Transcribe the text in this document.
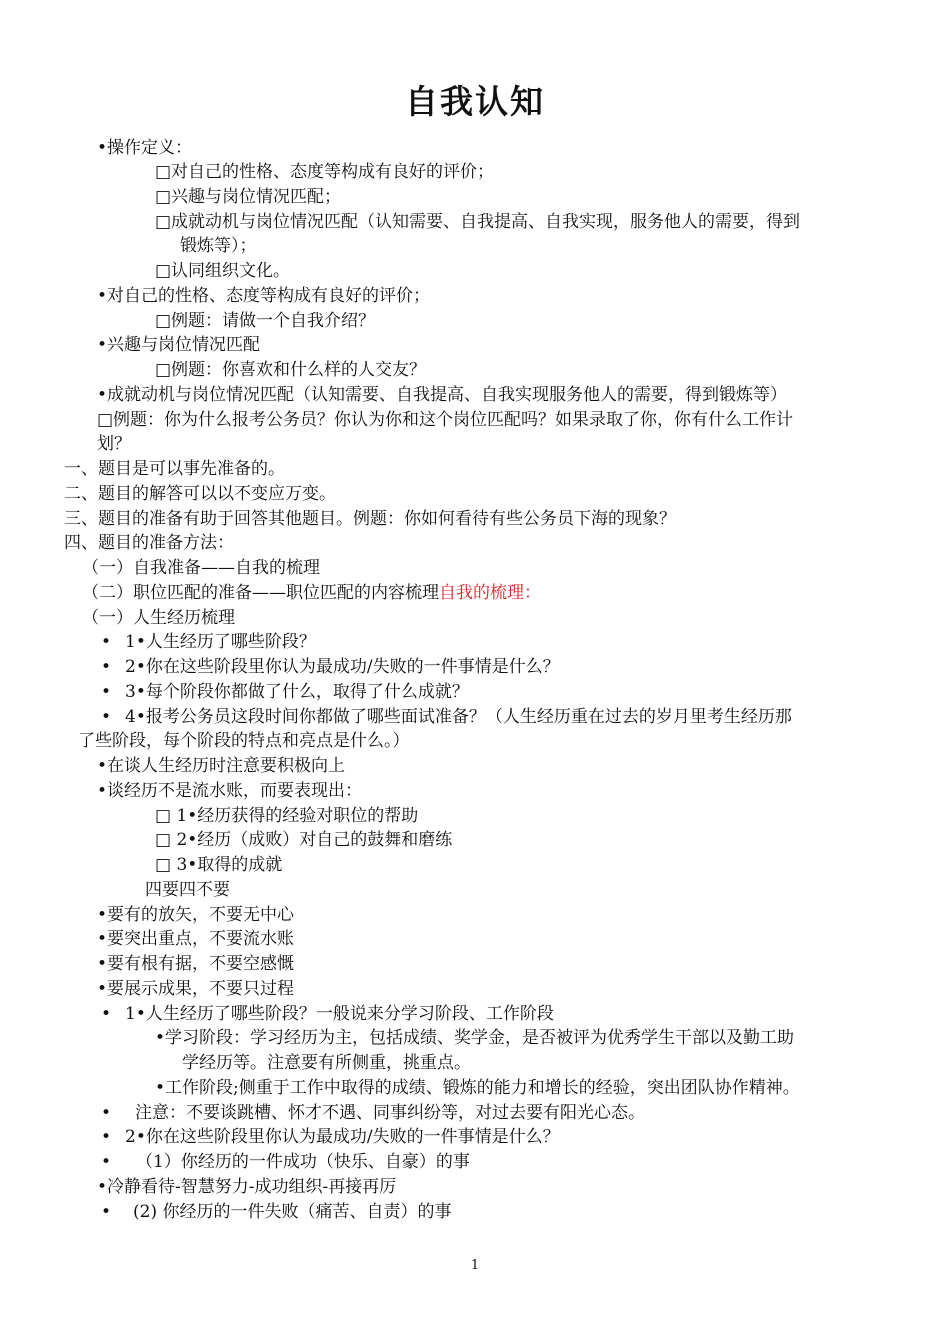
自我认知
•操作定义：
□对自己的性格、态度等构成有良好的评价；
□兴趣与岗位情况匹配；
□成就动机与岗位情况匹配（认知需要、自我提高、自我实现，服务他人的需要，得到
锻炼等）；
□认同组织文化。
•对自己的性格、态度等构成有良好的评价；
□例题：请做一个自我介绍？
•兴趣与岗位情况匹配
□例题：你喜欢和什么样的人交友？
•成就动机与岗位情况匹配（认知需要、自我提高、自我实现服务他人的需要，得到锻炼等）
□例题：你为什么报考公务员？你认为你和这个岗位匹配吗？如果录取了你，你有什么工作计
划？
一、题目是可以事先准备的。
二、题目的解答可以以不变应万变。
三、题目的准备有助于回答其他题目。例题：你如何看待有些公务员下海的现象？
四、题目的准备方法：
（一）自我准备——自我的梳理
（二）职位匹配的准备——职位匹配的内容梳理自我的梳理：
（一）人生经历梳理
• 1•人生经历了哪些阶段？
• 2•你在这些阶段里你认为最成功/失败的一件事情是什么？
• 3•每个阶段你都做了什么，取得了什么成就？
• 4•报考公务员这段时间你都做了哪些面试准备？（人生经历重在过去的岁月里考生经历那
了些阶段，每个阶段的特点和亮点是什么。）
•在谈人生经历时注意要积极向上
•谈经历不是流水账，而要表现出：
□ 1•经历获得的经验对职位的帮助
□ 2•经历（成败）对自己的鼓舞和磨练
□ 3•取得的成就
四要四不要
•要有的放矢，不要无中心
•要突出重点，不要流水账
•要有根有据，不要空感慨
•要展示成果，不要只过程
• 1•人生经历了哪些阶段？一般说来分学习阶段、工作阶段
•学习阶段：学习经历为主，包括成绩、奖学金，是否被评为优秀学生干部以及勤工助
学经历等。注意要有所侧重，挑重点。
•工作阶段;侧重于工作中取得的成绩、锻炼的能力和增长的经验，突出团队协作精神。
• 注意：不要谈跳槽、怀才不遇、同事纠纷等，对过去要有阳光心态。
• 2•你在这些阶段里你认为最成功/失败的一件事情是什么？
• （1）你经历的一件成功（快乐、自豪）的事
•冷静看待-智慧努力-成功组织-再接再厉
• (2) 你经历的一件失败（痛苦、自责）的事
1
